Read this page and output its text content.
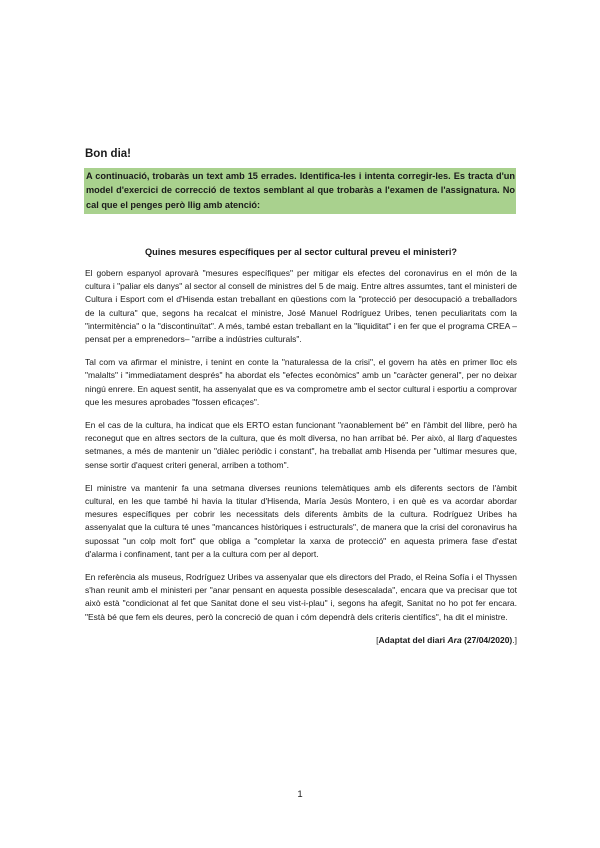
Bon dia!
A continuació, trobaràs un text amb 15 errades. Identifica-les i intenta corregir-les. Es tracta d'un model d'exercici de correcció de textos semblant al que trobaràs a l'examen de l'assignatura. No cal que el penges però llig amb atenció:
Quines mesures específiques per al sector cultural preveu el ministeri?

El gobern espanyol aprovarà "mesures específiques" per mitigar els efectes del coronavirus en el món de la cultura i "paliar els danys" al sector al consell de ministres del 5 de maig. Entre altres assumtes, tant el ministeri de Cultura i Esport com el d'Hisenda estan treballant en qüestions com la "protecció per desocupació a treballadors de la cultura" que, segons ha recalcat el ministre, José Manuel Rodríguez Uribes, tenen peculiaritats com la "intermitència" o la "discontinuïtat". A més, també estan treballant en la "liquiditat" i en fer que el programa CREA –pensat per a emprenedors– "arribe a indústries culturals".

Tal com va afirmar el ministre, i tenint en conte la "naturalessa de la crisi", el govern ha atès en primer lloc els "malalts" i "immediatament després" ha abordat els "efectes econòmics" amb un "caràcter general", per no deixar ningú enrere. En aquest sentit, ha assenyalat que es va comprometre amb el sector cultural i esportiu a comprovar que les mesures aprobades "fossen eficaçes".

En el cas de la cultura, ha indicat que els ERTO estan funcionant "raonablement bé" en l'àmbit del llibre, però ha reconegut que en altres sectors de la cultura, que és molt diversa, no han arribat bé. Per això, al llarg d'aquestes setmanes, a més de mantenir un "diàlec periòdic i constant", ha treballat amb Hisenda per "ultimar mesures que, sense sortir d'aquest criteri general, arriben a tothom".

El ministre va mantenir fa una setmana diverses reunions telemàtiques amb els diferents sectors de l'àmbit cultural, en les que també hi havia la titular d'Hisenda, María Jesús Montero, i en què es va acordar abordar mesures específiques per cobrir les necessitats dels diferents àmbits de la cultura. Rodríguez Uribes ha assenyalat que la cultura té unes "mancances històriques i estructurals", de manera que la crisi del coronavirus ha supossat "un colp molt fort" que obliga a "completar la xarxa de protecció" en aquesta primera fase d'estat d'alarma i confinament, tant per a la cultura com per al deport.

En referència als museus, Rodríguez Uribes va assenyalar que els directors del Prado, el Reina Sofía i el Thyssen s'han reunit amb el ministeri per "anar pensant en aquesta possible desescalada", encara que va precisar que tot això està "condicionat al fet que Sanitat done el seu vist-i-plau" i, segons ha afegit, Sanitat no ho pot fer encara. "Està bé que fem els deures, però la concreció de quan i cóm dependrà dels criteris científics", ha dit el ministre.

[Adaptat del diari Ara (27/04/2020).]
1
